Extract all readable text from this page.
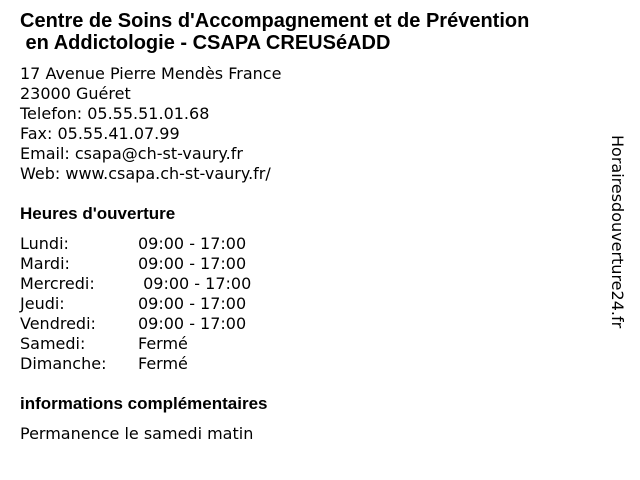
Centre de Soins d'Accompagnement et de Prévention
en Addictologie - CSAPA CREUSéADD
17 Avenue Pierre Mendès France
23000 Guéret
Telefon: 05.55.51.01.68
Fax: 05.55.41.07.99
Email: csapa@ch-st-vaury.fr
Web: www.csapa.ch-st-vaury.fr/
Heures d'ouverture
Lundi:	09:00 - 17:00
Mardi:	09:00 - 17:00
Mercredi:	09:00 - 17:00
Jeudi:	09:00 - 17:00
Vendredi:	09:00 - 17:00
Samedi:	Fermé
Dimanche: Fermé
informations complémentaires
Permanence le samedi matin
Horairesdouverture24.fr
